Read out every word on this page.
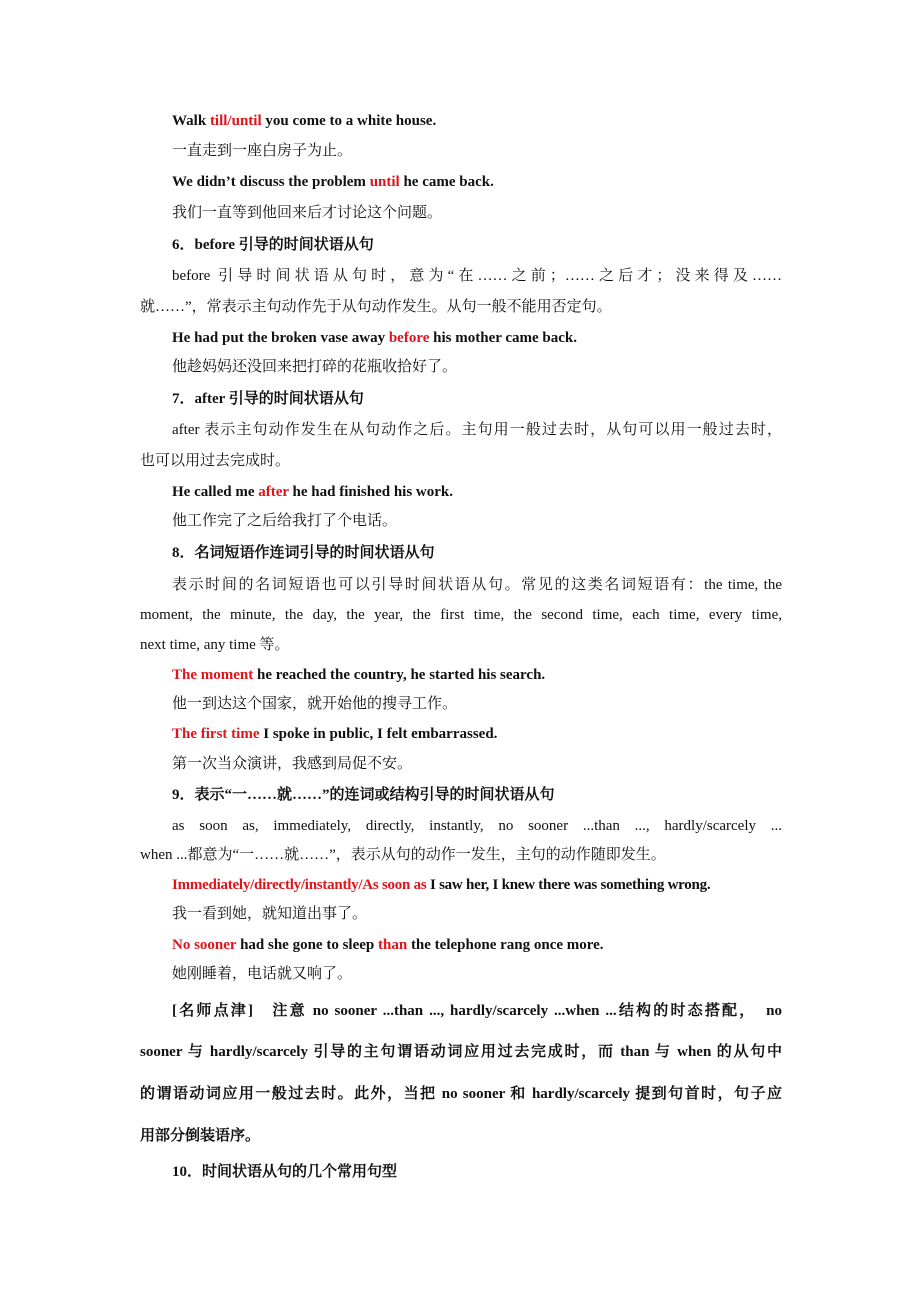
Walk till/until you come to a white house.
一直走到一座白房子为止。
We didn’t discuss the problem until he came back.
我们一直等到他回来后才讨论这个问题。
6．before 引导的时间状语从句
before 引导时间状语从句时，意为“在……之前；……之后才；没来得及……
就……”，常表示主句动作先于从句动作发生。从句一般不能用否定句。
He had put the broken vase away before his mother came back.
他趁妈妈还没回来把打碎的花瓶收拾好了。
7．after 引导的时间状语从句
after 表示主句动作发生在从句动作之后。主句用一般过去时，从句可以用一般过去时，
也可以用过去完成时。
He called me after he had finished his work.
他工作完了之后给我打了个电话。
8．名词短语作连词引导的时间状语从句
表示时间的名词短语也可以引导时间状语从句。常见的这类名词短语有：the time, the
moment, the minute, the day, the year, the first time, the second time, each time, every time,
next time, any time 等。
The moment he reached the country, he started his search.
他一到达这个国家，就开始他的搜寻工作。
The first time I spoke in public, I felt embarrassed.
第一次当众演讲，我感到局促不安。
9．表示“一……就……”的连词或结构引导的时间状语从句
as soon as, immediately, directly, instantly, no sooner ...than ..., hardly/scarcely ...
when ...都意为“一……就……”，表示从句的动作一发生，主句的动作随即发生。
Immediately/directly/instantly/As soon as I saw her, I knew there was something wrong.
我一看到她，就知道出事了。
No sooner had she gone to sleep than the telephone rang once more.
她刚睡着，电话就又响了。
[名师点津]　注意 no sooner ...than ..., hardly/scarcely ...when ...结构的时态搭配，　no
sooner 与 hardly/scarcely 引导的主句谓语动词应用过去完成时，而 than 与 when 的从句中
的谓语动词应用一般过去时。此外，当把 no sooner 和 hardly/scarcely 提到句首时，句子应
用部分倒装语序。
10．时间状语从句的几个常用句型
